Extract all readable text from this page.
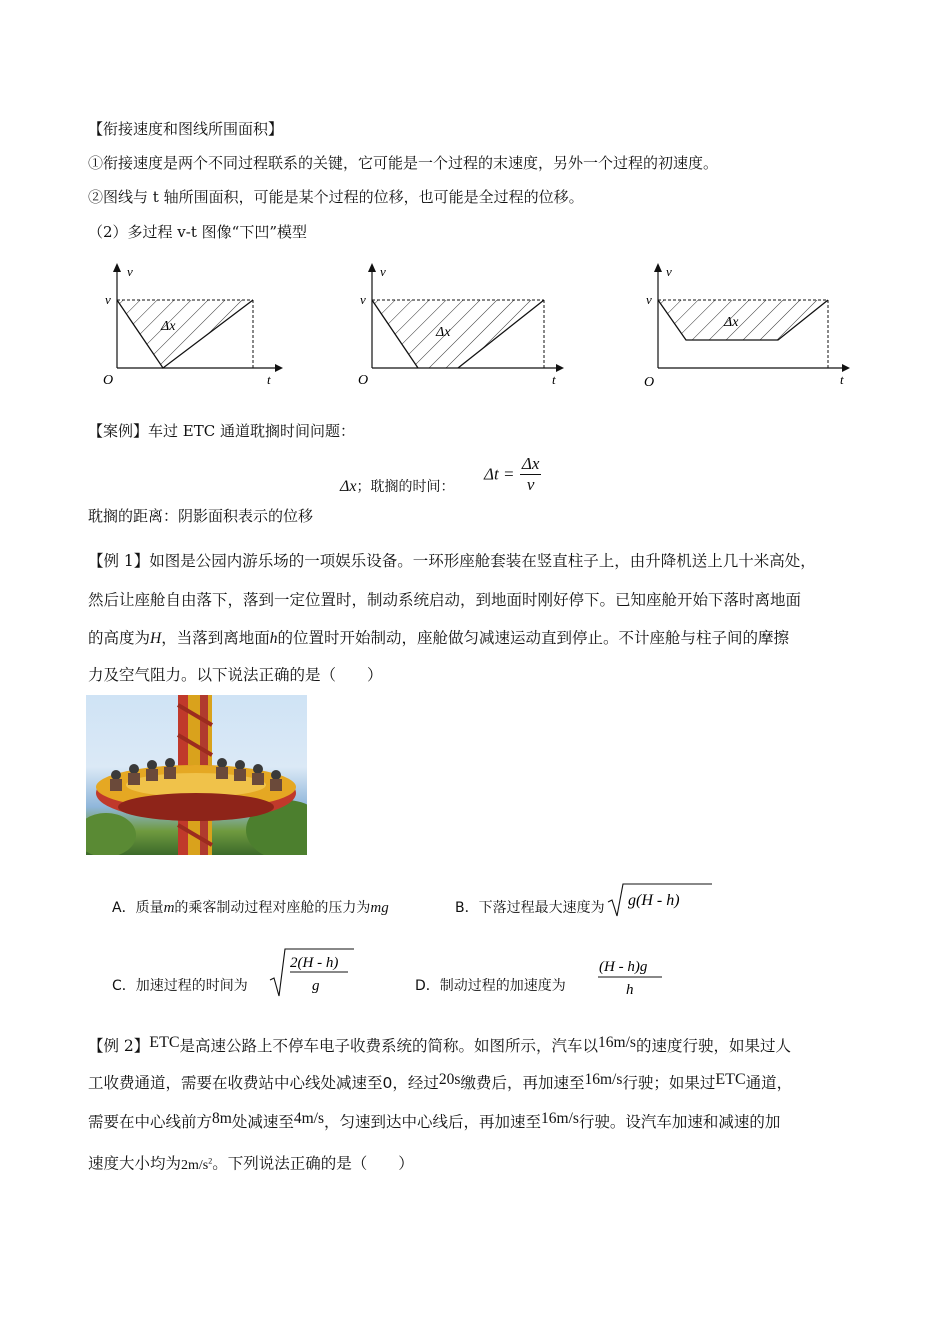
【衔接速度和图线所围面积】
①衔接速度是两个不同过程联系的关键，它可能是一个过程的末速度，另外一个过程的初速度。
②图线与 t 轴所围面积，可能是某个过程的位移，也可能是全过程的位移。
（2）多过程 v-t 图像“下凹”模型
v
t
O
v
Δx
v
t
O
v
Δx
v
t
O
v
Δx
【案例】车过 ETC 通道耽搁时间问题：
Δx；耽搁的时间：
$\Delta t = \frac{\Delta x}{v}$
耽搁的距离：阴影面积表示的位移
【例 1】如图是公园内游乐场的一项娱乐设备。一环形座舱套装在竖直柱子上，由升降机送上几十米高处，
然后让座舱自由落下，落到一定位置时，制动系统启动，到地面时刚好停下。已知座舱开始下落时离地面
的高度为H，当落到离地面h的位置时开始制动，座舱做匀减速运动直到停止。不计座舱与柱子间的摩擦
力及空气阻力。以下说法正确的是（　　）
A．质量m的乘客制动过程对座舱的压力为mg	B．下落过程最大速度为 g(H - h)
C．加速过程的时间为
2(H - h)
g	D．制动过程的加速度为
(H - h)g
h
【例 2】ETC是高速公路上不停车电子收费系统的简称。如图所示，汽车以16m/s的速度行驶，如果过人
工收费通道，需要在收费站中心线处减速至0，经过20s缴费后，再加速至16m/s行驶；如果过ETC通道，
需要在中心线前方8m处减速至4m/s，匀速到达中心线后，再加速至16m/s行驶。设汽车加速和减速的加
速度大小均为$2m/s^2$。下列说法正确的是（　　）
